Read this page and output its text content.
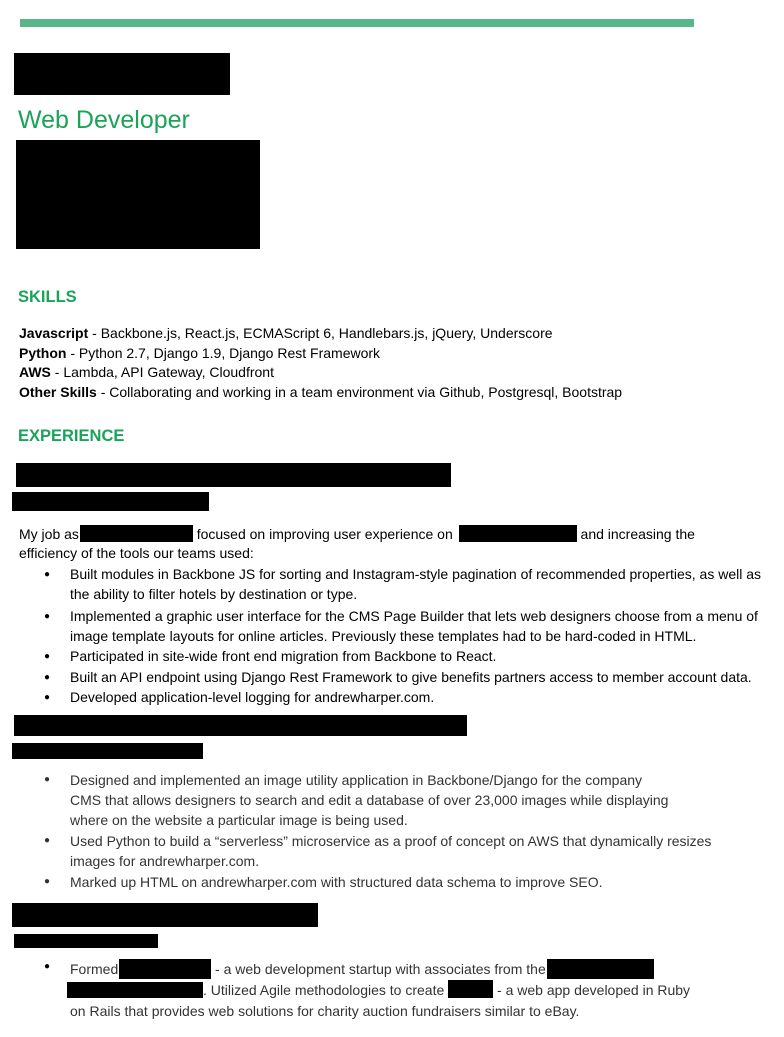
Web Developer
SKILLS
Javascript - Backbone.js, React.js, ECMAScript 6, Handlebars.js, jQuery, Underscore
Python - Python 2.7, Django 1.9, Django Rest Framework
AWS - Lambda, API Gateway, Cloudfront
Other Skills - Collaborating and working in a team environment via Github, Postgresql, Bootstrap
EXPERIENCE
My job as	focused on improving user experience on	and increasing the
efficiency of the tools our teams used:
● Built modules in Backbone JS for sorting and Instagram-style pagination of recommended properties, as well as the ability to filter hotels by destination or type.
● Implemented a graphic user interface for the CMS Page Builder that lets web designers choose from a menu of image template layouts for online articles. Previously these templates had to be hard-coded in HTML.
● Participated in site-wide front end migration from Backbone to React.
● Built an API endpoint using Django Rest Framework to give benefits partners access to member account data.
● Developed application-level logging for andrewharper.com.
● Designed and implemented an image utility application in Backbone/Django for the company CMS that allows designers to search and edit a database of over 23,000 images while displaying where on the website a particular image is being used.
● Used Python to build a “serverless” microservice as a proof of concept on AWS that dynamically resizes images for andrewharper.com.
● Marked up HTML on andrewharper.com with structured data schema to improve SEO.
● Formed	- a web development startup with associates from the
. Utilized Agile methodologies to create	- a web app developed in Ruby
on Rails that provides web solutions for charity auction fundraisers similar to eBay.
